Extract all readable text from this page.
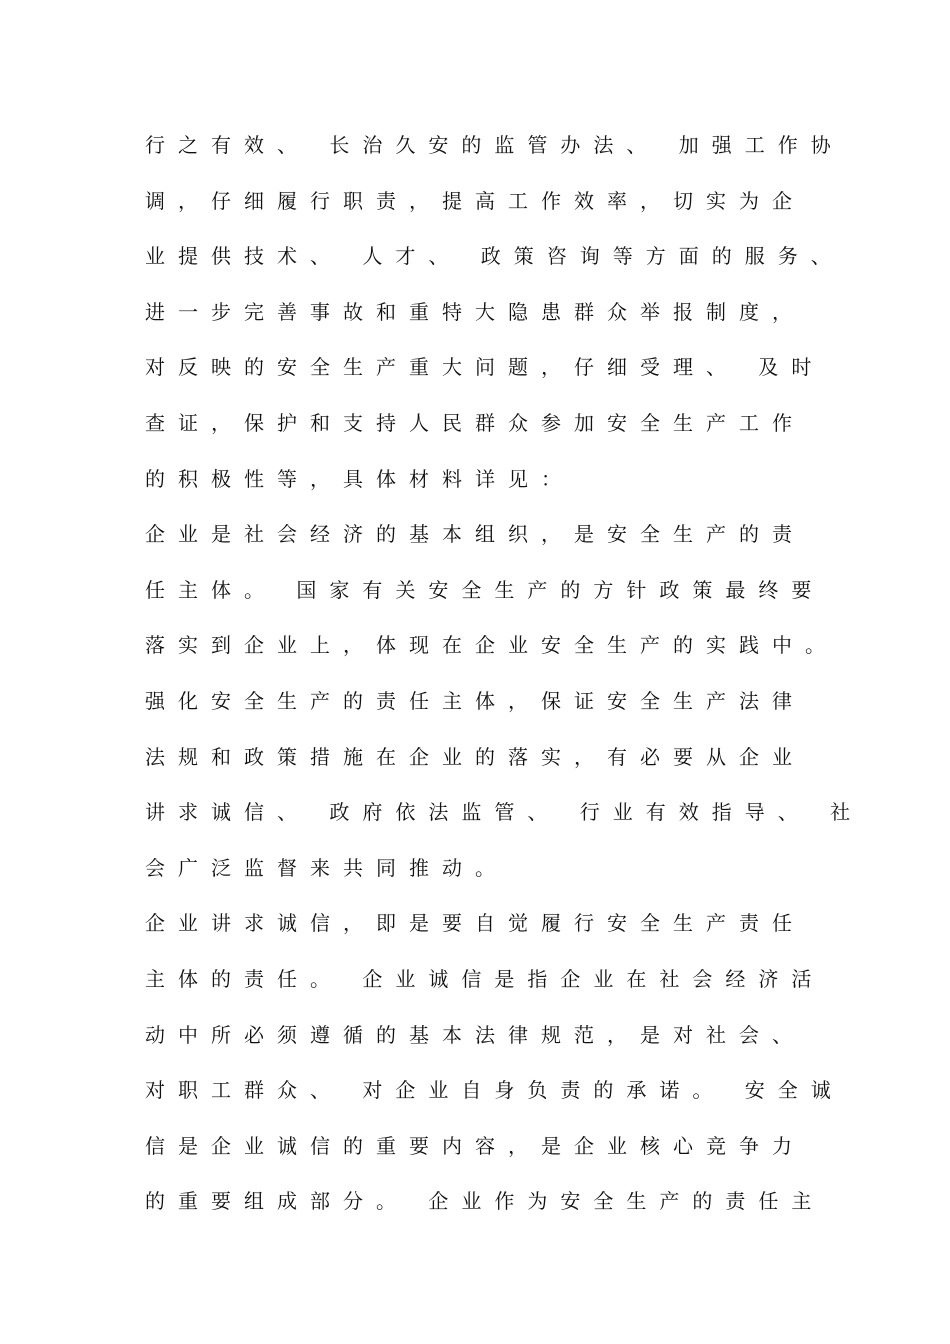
行之有效、 长治久安的监管办法、 加强工作协
调，仔细履行职责，提高工作效率，切实为企
业提供技术、 人才、 政策咨询等方面的服务、
进一步完善事故和重特大隐患群众举报制度，
对反映的安全生产重大问题，仔细受理、 及时
查证，保护和支持人民群众参加安全生产工作
的积极性等，具体材料详见：
企业是社会经济的基本组织，是安全生产的责
任主体。 国家有关安全生产的方针政策最终要
落实到企业上，体现在企业安全生产的实践中。
强化安全生产的责任主体，保证安全生产法律
法规和政策措施在企业的落实，有必要从企业
讲求诚信、 政府依法监管、 行业有效指导、 社
会广泛监督来共同推动。
企业讲求诚信，即是要自觉履行安全生产责任
主体的责任。 企业诚信是指企业在社会经济活
动中所必须遵循的基本法律规范，是对社会、
对职工群众、 对企业自身负责的承诺。 安全诚
信是企业诚信的重要内容，是企业核心竞争力
的重要组成部分。 企业作为安全生产的责任主
